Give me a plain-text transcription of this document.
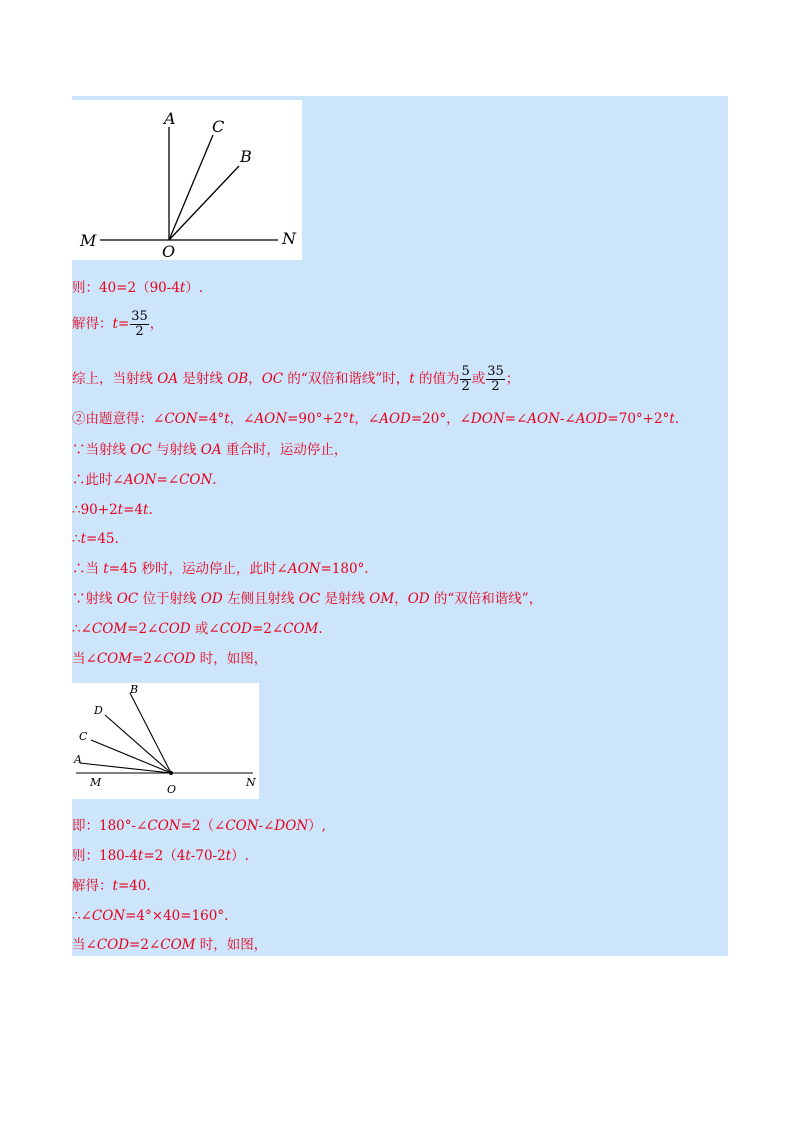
A C
B
M
O
N
则：40=2（90-4t）.
解得：$t= \frac{35}{2}$ ，
综上，当射线 OA 是射线 OB，OC 的“双倍和谐线”时，t 的值为 $\frac{5}{2}$ 或 $\frac{35}{2}$ ；
②由题意得：∠CON=4°t，∠AON=90°+2°t，∠AOD=20°，∠DON=∠AON-∠AOD=70°+2°t.
∵当射线 OC 与射线 OA 重合时，运动停止，
∴此时∠AON=∠CON.
∴90+2t=4t.
∴t=45.
∴当 t=45 秒时，运动停止，此时∠AON=180°.
∵射线 OC 位于射线 OD 左侧且射线 OC 是射线 OM，OD 的“双倍和谐线”，
∴∠COM=2∠COD 或∠COD=2∠COM.
当∠COM=2∠COD 时，如图，
B
D
C
A
M
O
N
即：180°-∠CON=2（∠CON-∠DON）,
则：180-4t=2（4t-70-2t）.
解得：t=40.
∴∠CON=4°×40=160°.
当∠COD=2∠COM 时，如图，
